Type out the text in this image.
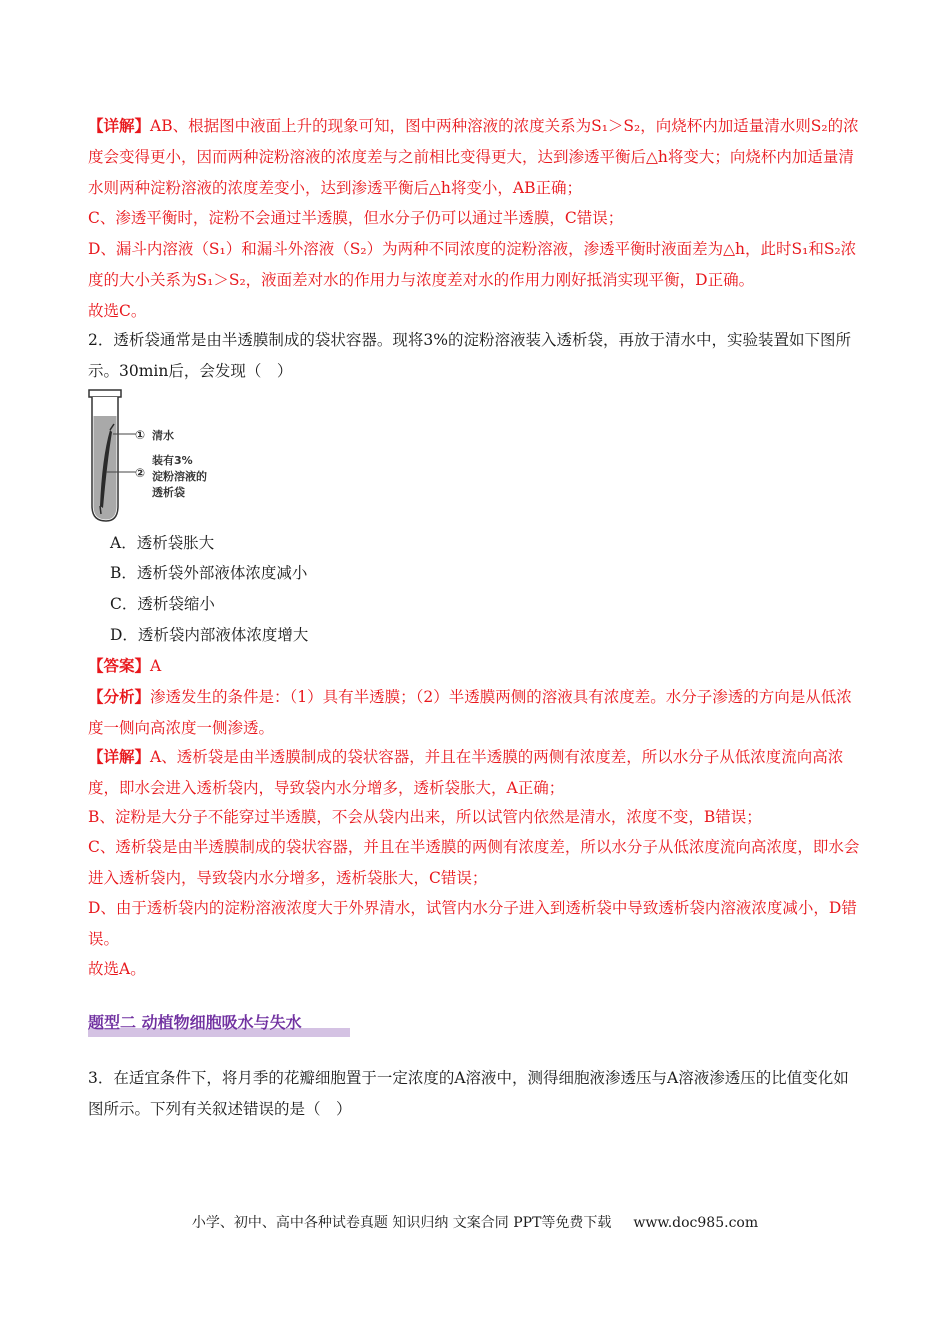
【详解】AB、根据图中液面上升的现象可知，图中两种溶液的浓度关系为S₁＞S₂，向烧杯内加适量清水则S₂的浓度会变得更小，因而两种淀粉溶液的浓度差与之前相比变得更大，达到渗透平衡后△h将变大；向烧杯内加适量清水则两种淀粉溶液的浓度差变小，达到渗透平衡后△h将变小，AB正确；

C、渗透平衡时，淀粉不会通过半透膜，但水分子仍可以通过半透膜，C错误；

D、漏斗内溶液（S₁）和漏斗外溶液（S₂）为两种不同浓度的淀粉溶液，渗透平衡时液面差为△h，此时S₁和S₂浓度的大小关系为S₁＞S₂，液面差对水的作用力与浓度差对水的作用力刚好抵消实现平衡，D正确。

故选C。

2．透析袋通常是由半透膜制成的袋状容器。现将3%的淀粉溶液装入透析袋，再放于清水中，实验装置如下图所示。30min后，会发现（　）

① 清水
装有3%
② 淀粉溶液的
透析袋

A．透析袋胀大

B．透析袋外部液体浓度减小

C．透析袋缩小

D．透析袋内部液体浓度增大

【答案】A

【分析】渗透发生的条件是：（1）具有半透膜；（2）半透膜两侧的溶液具有浓度差。水分子渗透的方向是从低浓度一侧向高浓度一侧渗透。

【详解】A、透析袋是由半透膜制成的袋状容器，并且在半透膜的两侧有浓度差，所以水分子从低浓度流向高浓度，即水会进入透析袋内，导致袋内水分增多，透析袋胀大，A正确；

B、淀粉是大分子不能穿过半透膜，不会从袋内出来，所以试管内依然是清水，浓度不变，B错误；

C、透析袋是由半透膜制成的袋状容器，并且在半透膜的两侧有浓度差，所以水分子从低浓度流向高浓度，即水会进入透析袋内，导致袋内水分增多，透析袋胀大，C错误；

D、由于透析袋内的淀粉溶液浓度大于外界清水，试管内水分子进入到透析袋中导致透析袋内溶液浓度减小，D错误。

故选A。

题型二 动植物细胞吸水与失水

3．在适宜条件下，将月季的花瓣细胞置于一定浓度的A溶液中，测得细胞液渗透压与A溶液渗透压的比值变化如图所示。下列有关叙述错误的是（　）

小学、初中、高中各种试卷真题 知识归纳 文案合同 PPT等免费下载 www.doc985.com
